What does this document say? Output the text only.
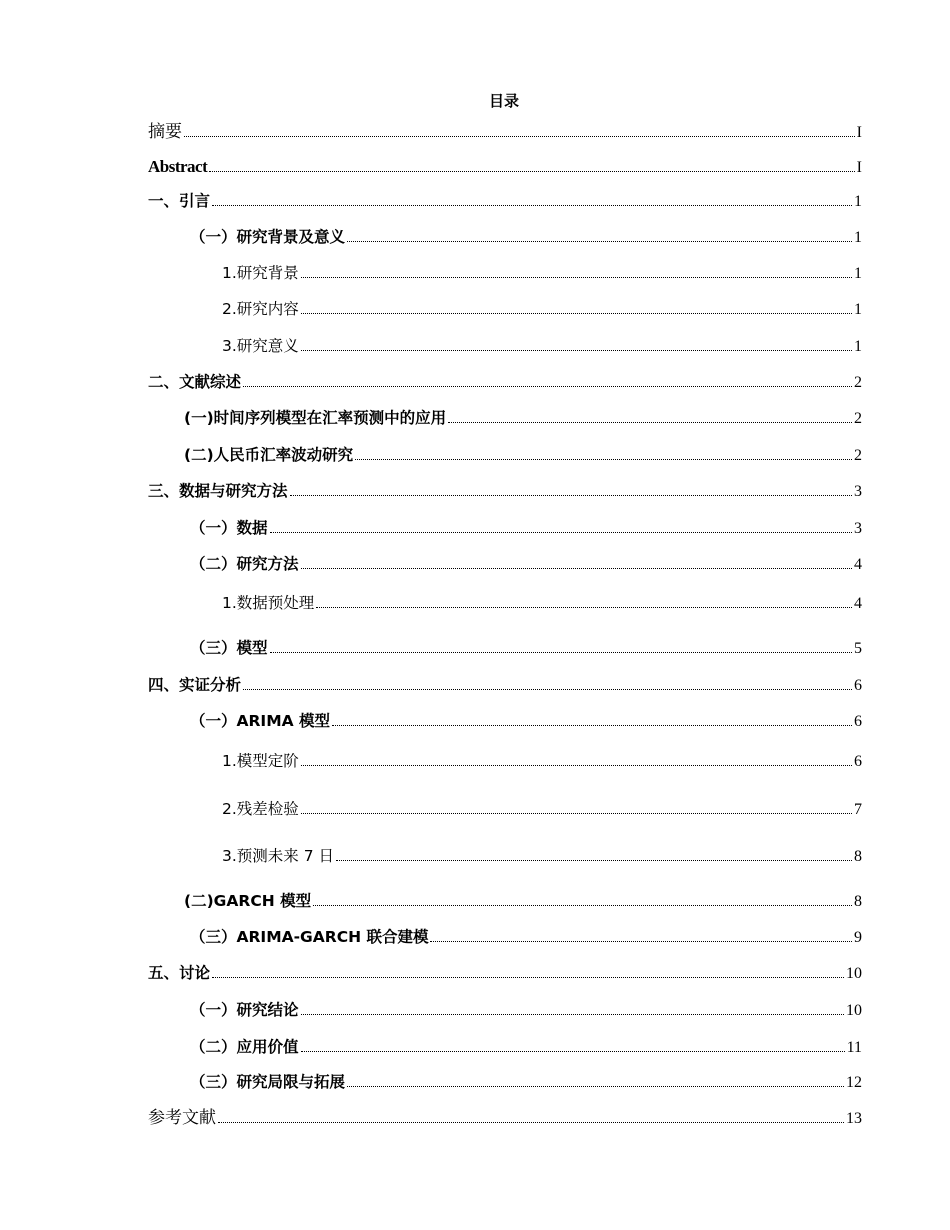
目录
摘要	I
Abstract	I
一、引言	1
（一）研究背景及意义	1
1.研究背景	1
2.研究内容	1
3.研究意义	1
二、文献综述	2
(一)时间序列模型在汇率预测中的应用	2
(二)人民币汇率波动研究	2
三、数据与研究方法	3
（一）数据	3
（二）研究方法	4
1.数据预处理	4
（三）模型	5
四、实证分析	6
（一）ARIMA 模型	6
1.模型定阶	6
2.残差检验	7
3.预测未来 7 日	8
(二)GARCH 模型	8
（三）ARIMA-GARCH 联合建模	9
五、讨论	10
（一）研究结论	10
（二）应用价值	11
（三）研究局限与拓展	12
参考文献	13
